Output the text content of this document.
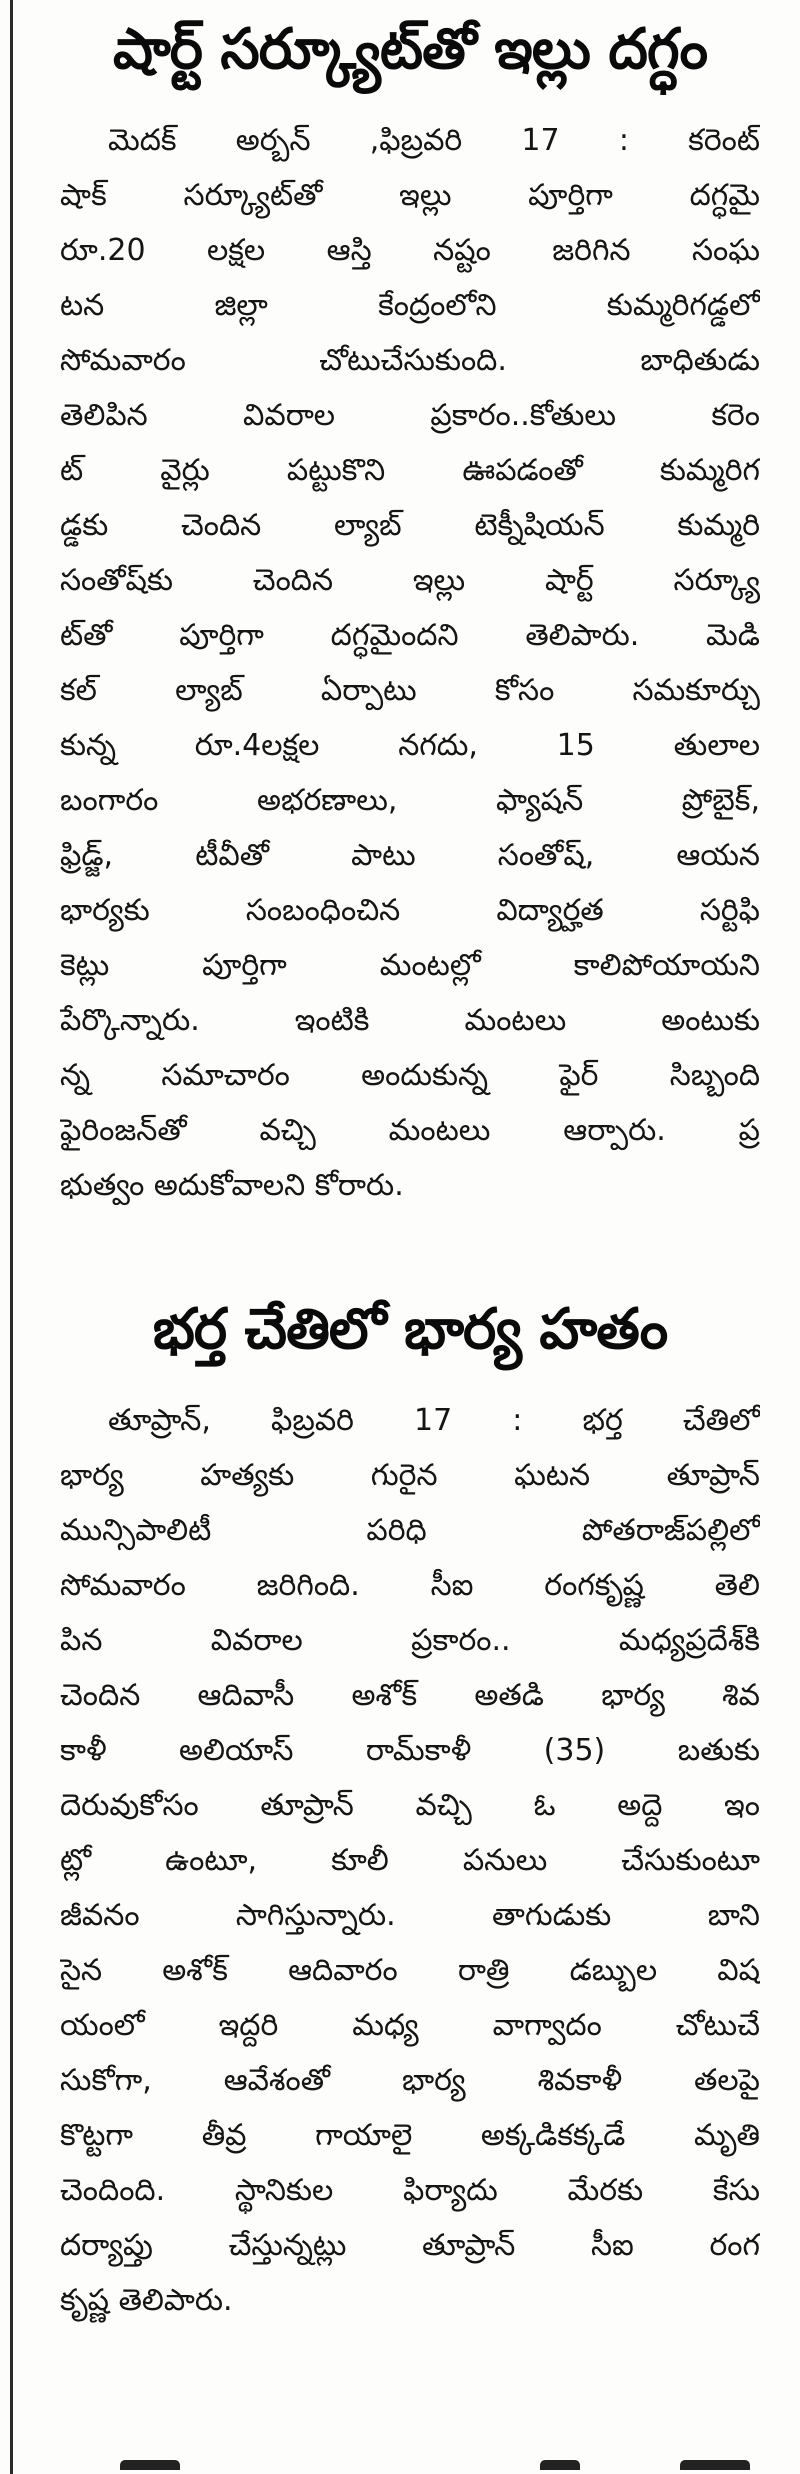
షార్ట్ సర్క్యూట్‌తో ఇల్లు దగ్ధం
మెదక్ అర్బన్ ,ఫిబ్రవరి 17 : కరెంట్
షాక్ సర్క్యూట్‌తో ఇల్లు పూర్తిగా దగ్ధమై
రూ.20 లక్షల ఆస్తి నష్టం జరిగిన సంఘ
టన జిల్లా కేంద్రంలోని కుమ్మరిగడ్డలో
సోమవారం చోటుచేసుకుంది. బాధితుడు
తెలిపిన వివరాల ప్రకారం..కోతులు కరెం
ట్ వైర్లు పట్టుకొని ఊపడంతో కుమ్మరిగ
డ్డకు చెందిన ల్యాబ్ టెక్నీషియన్ కుమ్మరి
సంతోష్‌కు చెందిన ఇల్లు షార్ట్ సర్క్యూ
ట్‌తో పూర్తిగా దగ్ధమైందని తెలిపారు. మెడి
కల్ ల్యాబ్ ఏర్పాటు కోసం సమకూర్చు
కున్న రూ.4లక్షల నగదు, 15 తులాల
బంగారం అభరణాలు, ఫ్యాషన్ ప్రోబైక్,
ఫ్రిడ్జ్, టీవీతో పాటు సంతోష్, ఆయన
భార్యకు సంబంధించిన విద్యార్హత సర్టిఫి
కెట్లు పూర్తిగా మంటల్లో కాలిపోయాయని
పేర్కొన్నారు. ఇంటికి మంటలు అంటుకు
న్న సమాచారం అందుకున్న ఫైర్ సిబ్బంది
ఫైరింజన్‌తో వచ్చి మంటలు ఆర్పారు. ప్ర
భుత్వం అదుకోవాలని కోరారు.
భర్త చేతిలో భార్య హతం
తూప్రాన్, ఫిబ్రవరి 17 : భర్త చేతిలో
భార్య హత్యకు గురైన ఘటన తూప్రాన్
మున్సిపాలిటీ పరిధి పోతరాజ్‌పల్లిలో
సోమవారం జరిగింది. సీఐ రంగకృష్ణ తెలి
పిన వివరాల ప్రకారం.. మధ్యప్రదేశ్‌కి
చెందిన ఆదివాసీ అశోక్ అతడి భార్య శివ
కాళీ అలియాస్ రామ్‌కాళీ (35) బతుకు
దెరువుకోసం తూప్రాన్ వచ్చి ఓ అద్దె ఇం
ట్లో ఉంటూ, కూలీ పనులు చేసుకుంటూ
జీవనం సాగిస్తున్నారు. తాగుడుకు బాని
సైన అశోక్ ఆదివారం రాత్రి డబ్బుల విష
యంలో ఇద్దరి మధ్య వాగ్వాదం చోటుచే
సుకోగా, ఆవేశంతో భార్య శివకాళీ తలపై
కొట్టగా తీవ్ర గాయాలై అక్కడికక్కడే మృతి
చెందింది. స్థానికుల ఫిర్యాదు మేరకు కేసు
దర్యాప్తు చేస్తున్నట్లు తూప్రాన్ సీఐ రంగ
కృష్ణ తెలిపారు.
